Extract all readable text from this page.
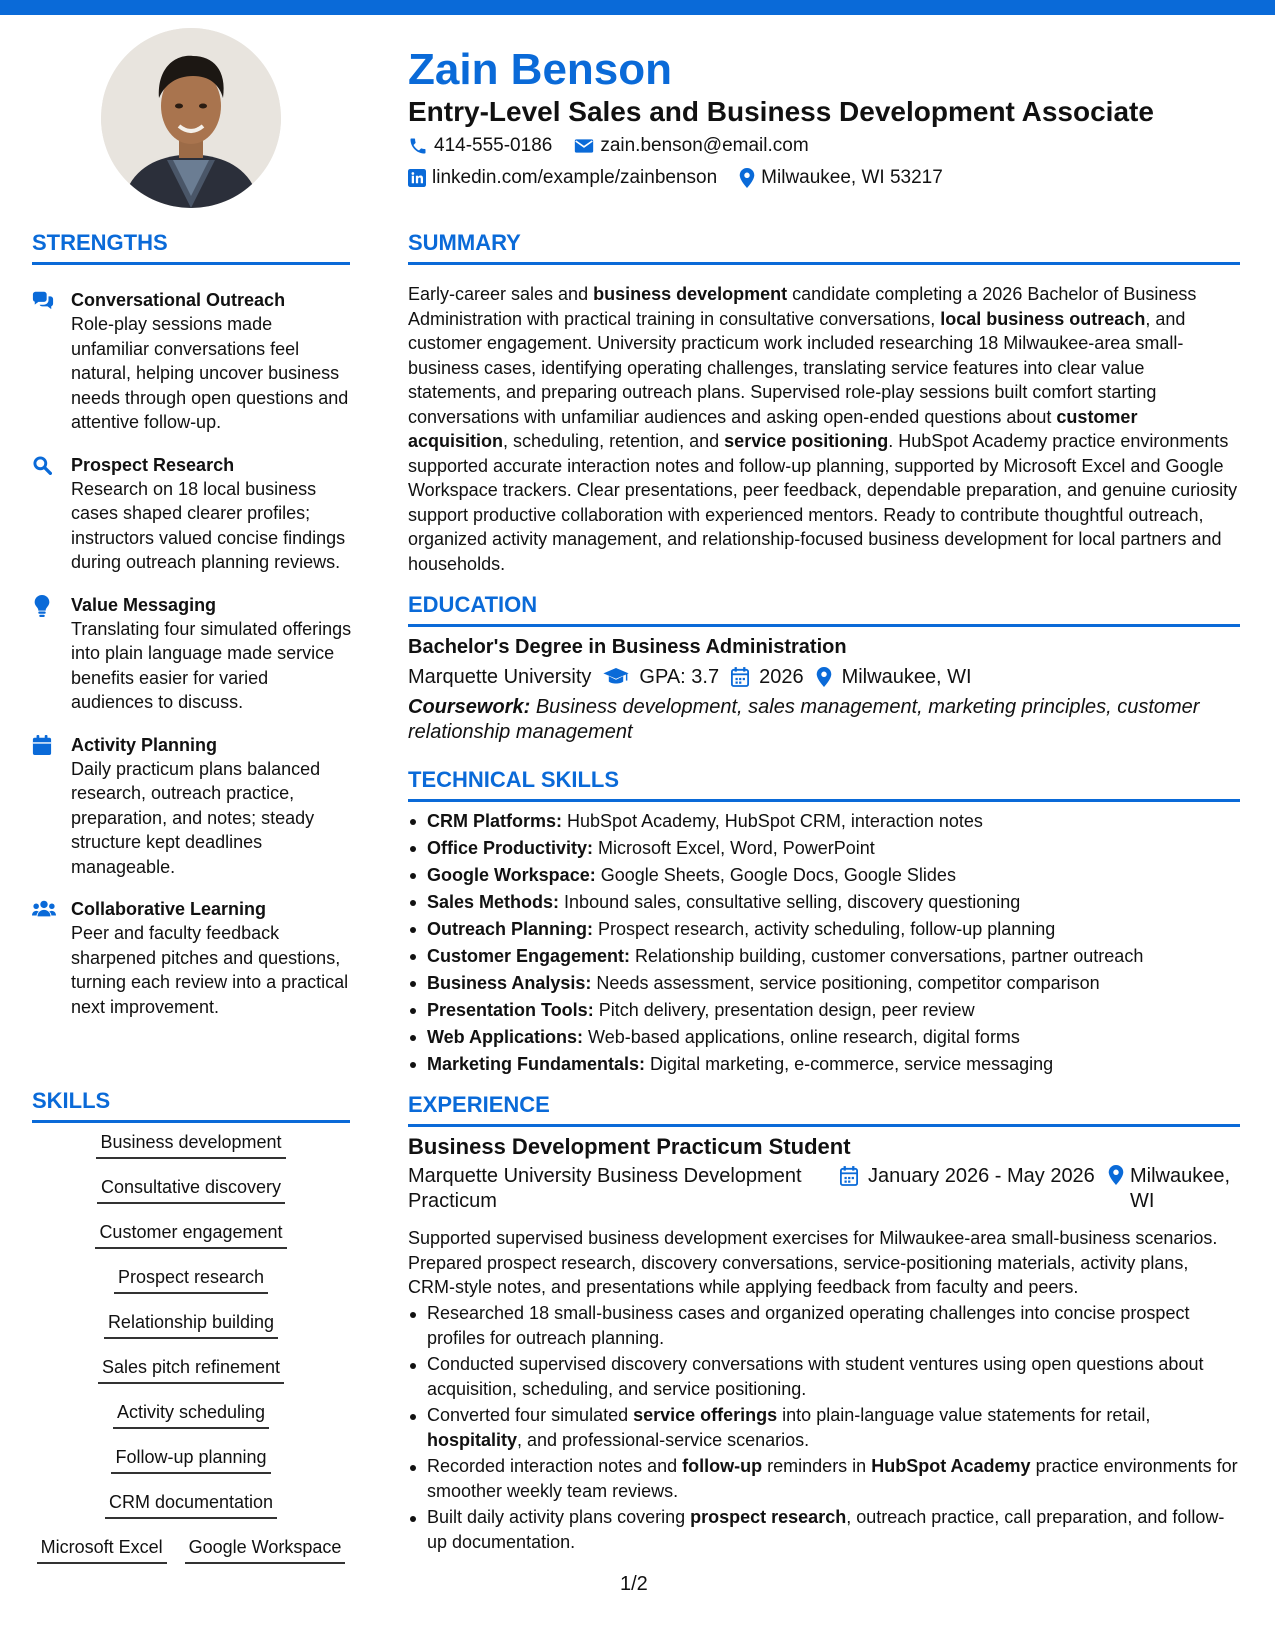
Zain Benson
Entry-Level Sales and Business Development Associate
414-555-0186	zain.benson@email.com
linkedin.com/example/zainbenson Milwaukee, WI 53217
STRENGTHS
Conversational Outreach
Role-play sessions made unfamiliar conversations feel natural, helping uncover business needs through open questions and attentive follow-up.
Prospect Research
Research on 18 local business cases shaped clearer profiles; instructors valued concise findings during outreach planning reviews.
Value Messaging
Translating four simulated offerings into plain language made service benefits easier for varied audiences to discuss.
Activity Planning
Daily practicum plans balanced research, outreach practice, preparation, and notes; steady structure kept deadlines manageable.
Collaborative Learning
Peer and faculty feedback sharpened pitches and questions, turning each review into a practical next improvement.
SKILLS
Business development
Consultative discovery
Customer engagement
Prospect research
Relationship building
Sales pitch refinement
Activity scheduling
Follow-up planning
CRM documentation
Microsoft Excel Google Workspace
SUMMARY

Early-career sales and business development candidate completing a 2026 Bachelor of Business Administration with practical training in consultative conversations, local business outreach, and customer engagement. University practicum work included researching 18 Milwaukee-area small-business cases, identifying operating challenges, translating service features into clear value statements, and preparing outreach plans. Supervised role-play sessions built comfort starting conversations with unfamiliar audiences and asking open-ended questions about customer acquisition, scheduling, retention, and service positioning. HubSpot Academy practice environments supported accurate interaction notes and follow-up planning, supported by Microsoft Excel and Google Workspace trackers. Clear presentations, peer feedback, dependable preparation, and genuine curiosity support productive collaboration with experienced mentors. Ready to contribute thoughtful outreach, organized activity management, and relationship-focused business development for local partners and households.

EDUCATION
Bachelor's Degree in Business Administration
Marquette University GPA: 3.7 2026 Milwaukee, WI

Coursework: Business development, sales management, marketing principles, customer relationship management

TECHNICAL SKILLS
CRM Platforms: HubSpot Academy, HubSpot CRM, interaction notes
Office Productivity: Microsoft Excel, Word, PowerPoint
Google Workspace: Google Sheets, Google Docs, Google Slides
Sales Methods: Inbound sales, consultative selling, discovery questioning
Outreach Planning: Prospect research, activity scheduling, follow-up planning
Customer Engagement: Relationship building, customer conversations, partner outreach
Business Analysis: Needs assessment, service positioning, competitor comparison
Presentation Tools: Pitch delivery, presentation design, peer review
Web Applications: Web-based applications, online research, digital forms
Marketing Fundamentals: Digital marketing, e-commerce, service messaging
EXPERIENCE
Business Development Practicum Student
Marquette University Business Development Practicum
January 2026 - May 2026 Milwaukee, WI

Supported supervised business development exercises for Milwaukee-area small-business scenarios. Prepared prospect research, discovery conversations, service-positioning materials, activity plans, CRM-style notes, and presentations while applying feedback from faculty and peers.

Researched 18 small-business cases and organized operating challenges into concise prospect profiles for outreach planning.
Conducted supervised discovery conversations with student ventures using open questions about acquisition, scheduling, and service positioning.
Converted four simulated service offerings into plain-language value statements for retail, hospitality, and professional-service scenarios.
Recorded interaction notes and follow-up reminders in HubSpot Academy practice environments for smoother weekly team reviews.
Built daily activity plans covering prospect research, outreach practice, call preparation, and follow-up documentation.
1/2
